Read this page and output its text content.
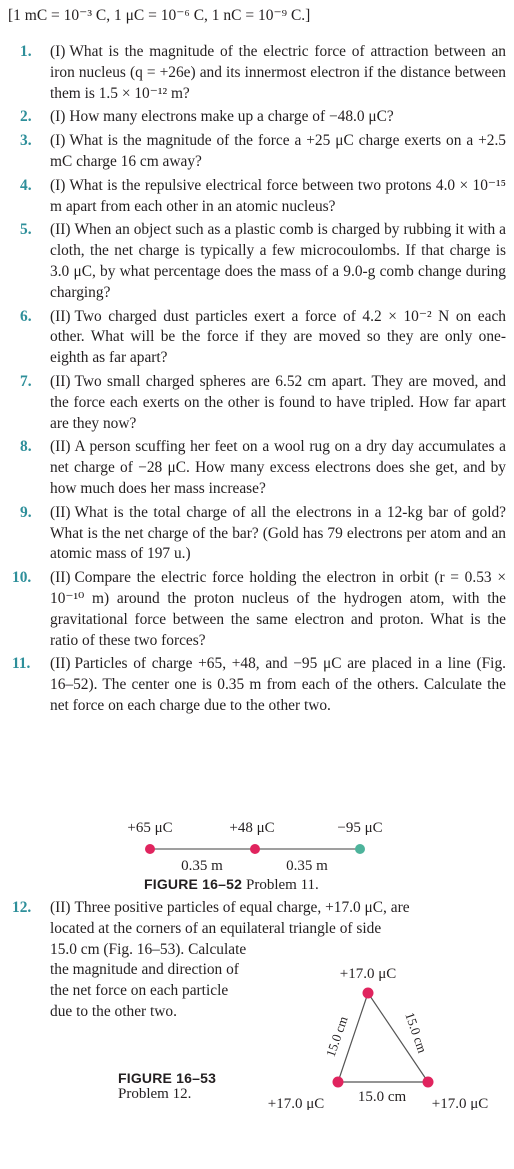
[1 mC = 10⁻³ C, 1 μC = 10⁻⁶ C, 1 nC = 10⁻⁹ C.]
1. (I) What is the magnitude of the electric force of attraction between an iron nucleus (q = +26e) and its innermost electron if the distance between them is 1.5 × 10⁻¹² m?
2. (I) How many electrons make up a charge of −48.0 μC?
3. (I) What is the magnitude of the force a +25 μC charge exerts on a +2.5 mC charge 16 cm away?
4. (I) What is the repulsive electrical force between two protons 4.0 × 10⁻¹⁵ m apart from each other in an atomic nucleus?
5. (II) When an object such as a plastic comb is charged by rubbing it with a cloth, the net charge is typically a few microcoulombs. If that charge is 3.0 μC, by what percentage does the mass of a 9.0-g comb change during charging?
6. (II) Two charged dust particles exert a force of 4.2 × 10⁻² N on each other. What will be the force if they are moved so they are only one-eighth as far apart?
7. (II) Two small charged spheres are 6.52 cm apart. They are moved, and the force each exerts on the other is found to have tripled. How far apart are they now?
8. (II) A person scuffing her feet on a wool rug on a dry day accumulates a net charge of −28 μC. How many excess electrons does she get, and by how much does her mass increase?
9. (II) What is the total charge of all the electrons in a 12-kg bar of gold? What is the net charge of the bar? (Gold has 79 electrons per atom and an atomic mass of 197 u.)
10. (II) Compare the electric force holding the electron in orbit (r = 0.53 × 10⁻¹⁰ m) around the proton nucleus of the hydrogen atom, with the gravitational force between the same electron and proton. What is the ratio of these two forces?
11. (II) Particles of charge +65, +48, and −95 μC are placed in a line (Fig. 16–52). The center one is 0.35 m from each of the others. Calculate the net force on each charge due to the other two.
+65 μC	+48 μC	−95 μC
0.35 m	0.35 m
FIGURE 16–52 Problem 11.
12. (II) Three positive particles of equal charge, +17.0 μC, are
located at the corners of an equilateral triangle of side
15.0 cm (Fig. 16–53). Calculate
the magnitude and direction of
the net force on each particle
due to the other two.
+17.0 μC
15.0 cm	15.0 cm
15.0 cm
+17.0 μC	+17.0 μC
FIGURE 16–53
Problem 12.
